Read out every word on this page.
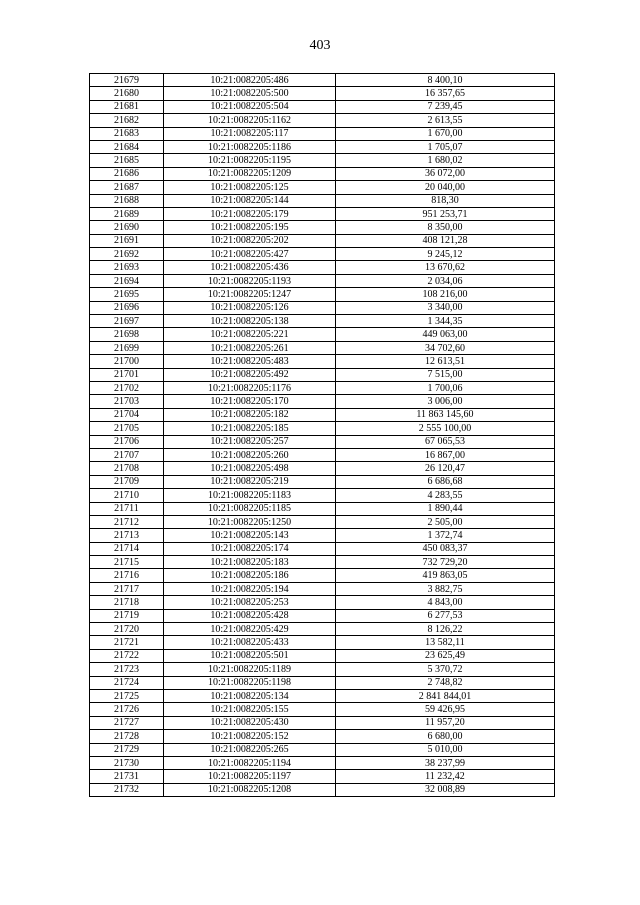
403
21679	10:21:0082205:486	8 400,10
21680	10:21:0082205:500	16 357,65
21681	10:21:0082205:504	7 239,45
21682	10:21:0082205:1162	2 613,55
21683	10:21:0082205:117	1 670,00
21684	10:21:0082205:1186	1 705,07
21685	10:21:0082205:1195	1 680,02
21686	10:21:0082205:1209	36 072,00
21687	10:21:0082205:125	20 040,00
21688	10:21:0082205:144	818,30
21689	10:21:0082205:179	951 253,71
21690	10:21:0082205:195	8 350,00
21691	10:21:0082205:202	408 121,28
21692	10:21:0082205:427	9 245,12
21693	10:21:0082205:436	13 670,62
21694	10:21:0082205:1193	2 034,06
21695	10:21:0082205:1247	108 216,00
21696	10:21:0082205:126	3 340,00
21697	10:21:0082205:138	1 344,35
21698	10:21:0082205:221	449 063,00
21699	10:21:0082205:261	34 702,60
21700	10:21:0082205:483	12 613,51
21701	10:21:0082205:492	7 515,00
21702	10:21:0082205:1176	1 700,06
21703	10:21:0082205:170	3 006,00
21704	10:21:0082205:182	11 863 145,60
21705	10:21:0082205:185	2 555 100,00
21706	10:21:0082205:257	67 065,53
21707	10:21:0082205:260	16 867,00
21708	10:21:0082205:498	26 120,47
21709	10:21:0082205:219	6 686,68
21710	10:21:0082205:1183	4 283,55
21711	10:21:0082205:1185	1 890,44
21712	10:21:0082205:1250	2 505,00
21713	10:21:0082205:143	1 372,74
21714	10:21:0082205:174	450 083,37
21715	10:21:0082205:183	732 729,20
21716	10:21:0082205:186	419 863,05
21717	10:21:0082205:194	3 882,75
21718	10:21:0082205:253	4 843,00
21719	10:21:0082205:428	6 277,53
21720	10:21:0082205:429	8 126,22
21721	10:21:0082205:433	13 582,11
21722	10:21:0082205:501	23 625,49
21723	10:21:0082205:1189	5 370,72
21724	10:21:0082205:1198	2 748,82
21725	10:21:0082205:134	2 841 844,01
21726	10:21:0082205:155	59 426,95
21727	10:21:0082205:430	11 957,20
21728	10:21:0082205:152	6 680,00
21729	10:21:0082205:265	5 010,00
21730	10:21:0082205:1194	38 237,99
21731	10:21:0082205:1197	11 232,42
21732	10:21:0082205:1208	32 008,89
